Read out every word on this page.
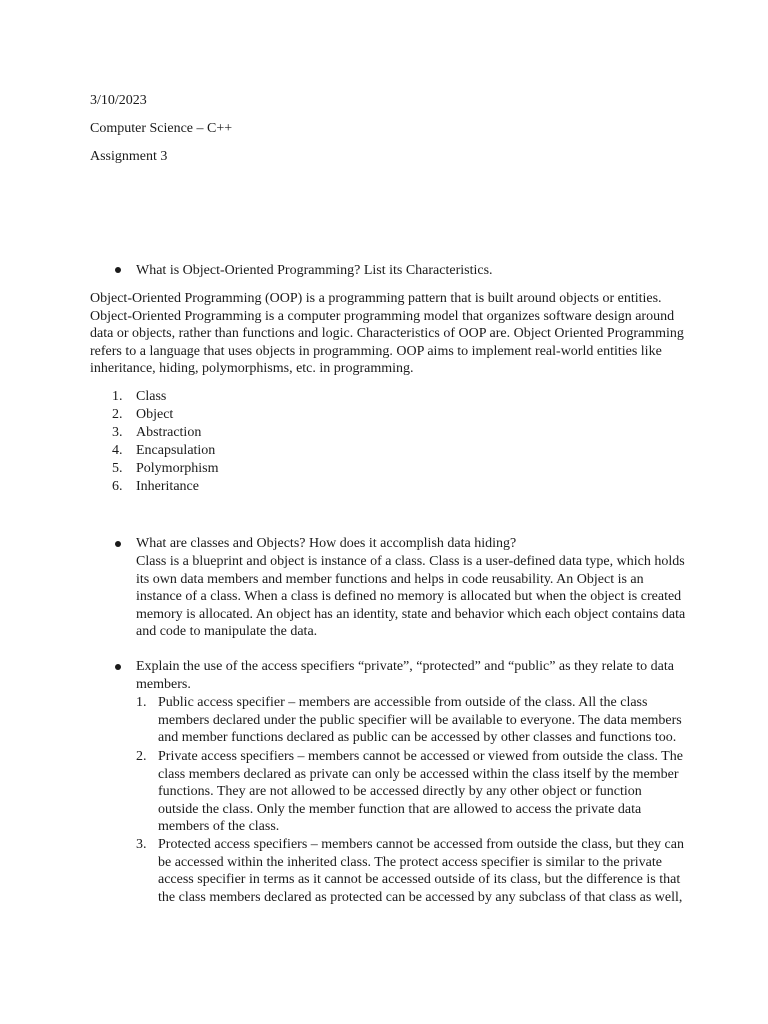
3/10/2023
Computer Science – C++
Assignment 3
What is Object-Oriented Programming? List its Characteristics.
Object-Oriented Programming (OOP) is a programming pattern that is built around objects or entities.
Object-Oriented Programming is a computer programming model that organizes software design around
data or objects, rather than functions and logic. Characteristics of OOP are. Object Oriented Programming
refers to a language that uses objects in programming. OOP aims to implement real-world entities like
inheritance, hiding, polymorphisms, etc. in programming.
1. Class
2. Object
3. Abstraction
4. Encapsulation
5. Polymorphism
6. Inheritance
What are classes and Objects? How does it accomplish data hiding?
Class is a blueprint and object is instance of a class. Class is a user-defined data type, which holds
its own data members and member functions and helps in code reusability. An Object is an
instance of a class. When a class is defined no memory is allocated but when the object is created
memory is allocated. An object has an identity, state and behavior which each object contains data
and code to manipulate the data.
Explain the use of the access specifiers “private”, “protected” and “public” as they relate to data
members.
1. Public access specifier – members are accessible from outside of the class. All the class
members declared under the public specifier will be available to everyone. The data members
and member functions declared as public can be accessed by other classes and functions too.
2. Private access specifiers – members cannot be accessed or viewed from outside the class. The
class members declared as private can only be accessed within the class itself by the member
functions. They are not allowed to be accessed directly by any other object or function
outside the class. Only the member function that are allowed to access the private data
members of the class.
3. Protected access specifiers – members cannot be accessed from outside the class, but they can
be accessed within the inherited class. The protect access specifier is similar to the private
access specifier in terms as it cannot be accessed outside of its class, but the difference is that
the class members declared as protected can be accessed by any subclass of that class as well,
